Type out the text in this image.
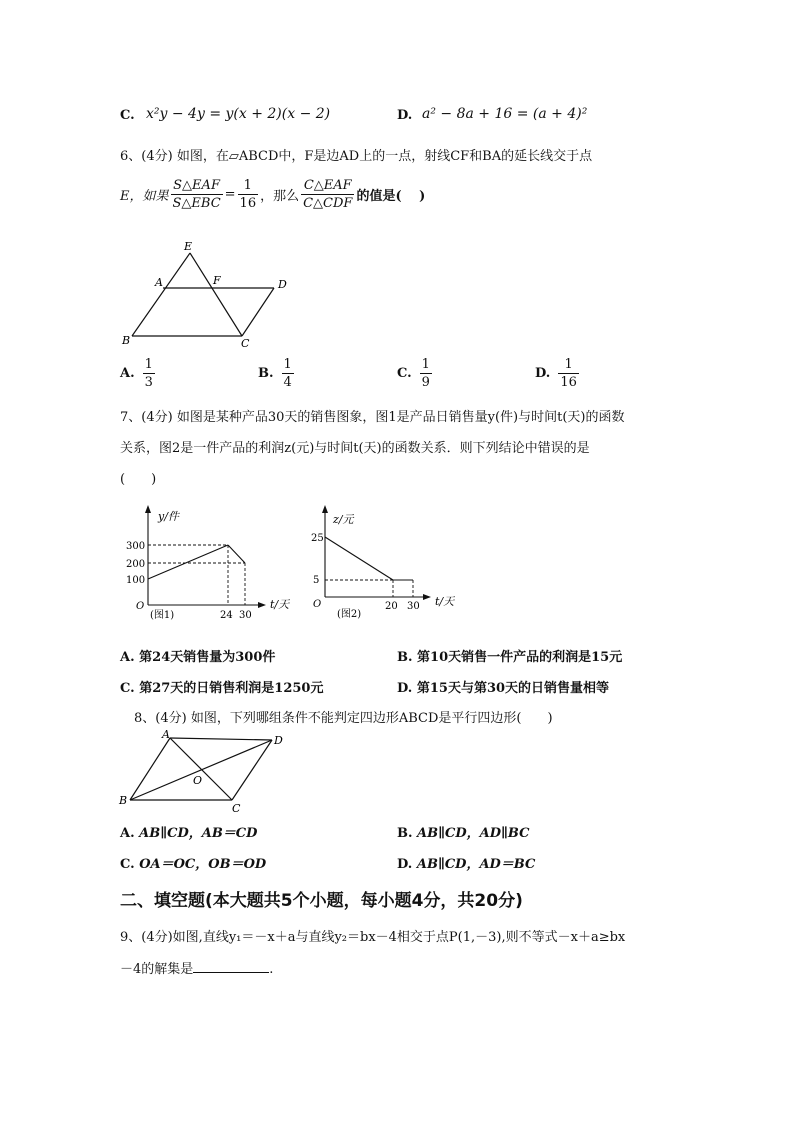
C. x²y − 4y = y(x + 2)(x − 2)	D. a² − 8a + 16 = (a + 4)²
6、(4分) 如图，在▱ABCD中，F是边AD上的一点，射线CF和BA的延长线交于点
E，如果 $\frac{\text{S△EAF}}{\text{S△EBC}} = \frac{1}{16}$ ，那么 $\frac{\text{C△EAF}}{\text{C△CDF}}$ 的值是(　 )
E
A	F	D
B	C
A. $\frac{1}{3}$	B. $\frac{1}{4}$	C. $\frac{1}{9}$	D. $\frac{1}{16}$
7、(4分) 如图是某种产品30天的销售图象，图1是产品日销售量y(件)与时间t(天)的函数
关系，图2是一件产品的利润z(元)与时间t(天)的函数关系．则下列结论中错误的是
(　　)
y/件
t/天
300
200
100
O
(图1)	24 30
z/元
t/天
25
5
O
(图2)
20 30
A. 第24天销售量为300件	B. 第10天销售一件产品的利润是15元
C. 第27天的日销售利润是1250元	D. 第15天与第30天的日销售量相等
8、(4分) 如图，下列哪组条件不能判定四边形ABCD是平行四边形(　　)
A	D
O
B
C
A. AB∥CD，AB＝CD	B. AB∥CD，AD∥BC
C. OA＝OC，OB＝OD	D. AB∥CD，AD＝BC
二、填空题(本大题共5个小题，每小题4分，共20分)
9、(4分)如图,直线y₁＝－x＋a与直线y₂＝bx－4相交于点P(1,－3),则不等式－x＋a≥bx
－4的解集是	.
